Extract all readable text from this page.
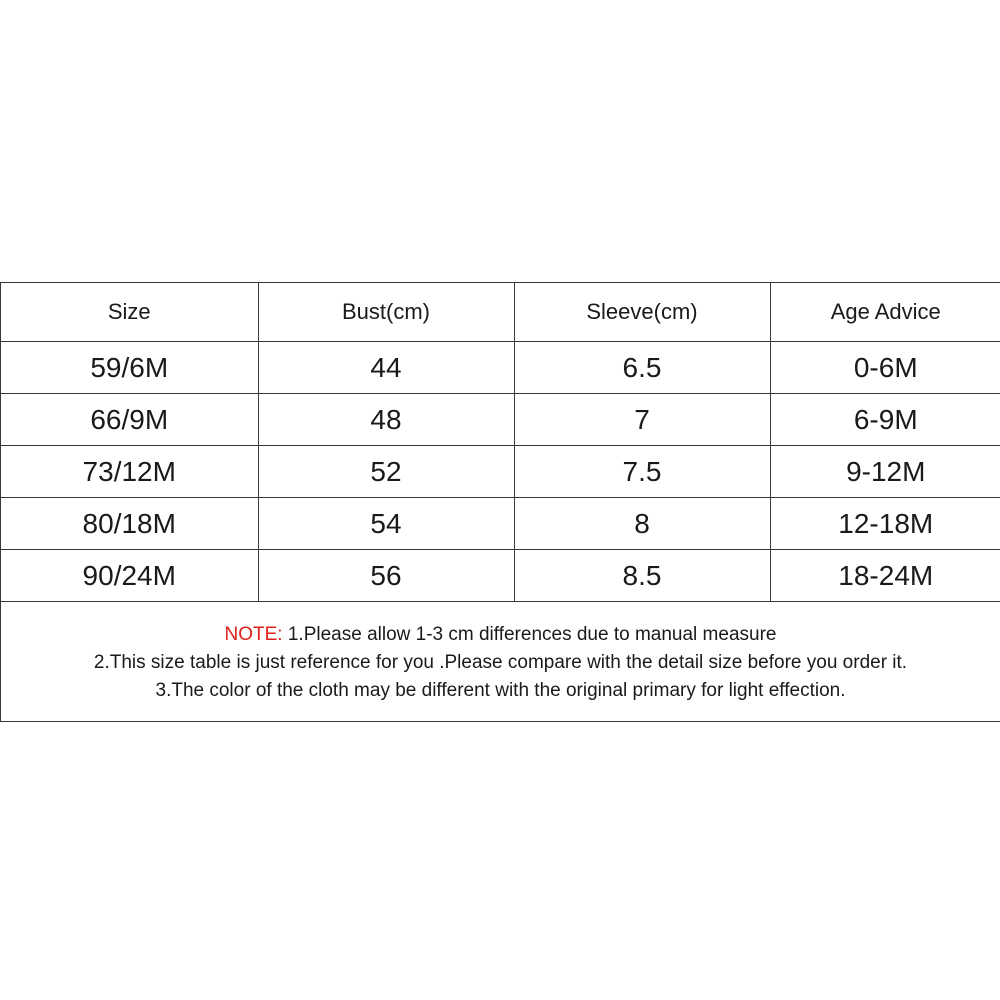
Size	Bust(cm)	Sleeve(cm)	Age Advice
59/6M	44	6.5	0-6M
66/9M	48	7	6-9M
73/12M	52	7.5	9-12M
80/18M	54	8	12-18M
90/24M	56	8.5	18-24M
NOTE: 1.Please allow 1-3 cm differences due to manual measure
2.This size table is just reference for you .Please compare with the detail size before you order it.
3.The color of the cloth may be different with the original primary for light effection.
